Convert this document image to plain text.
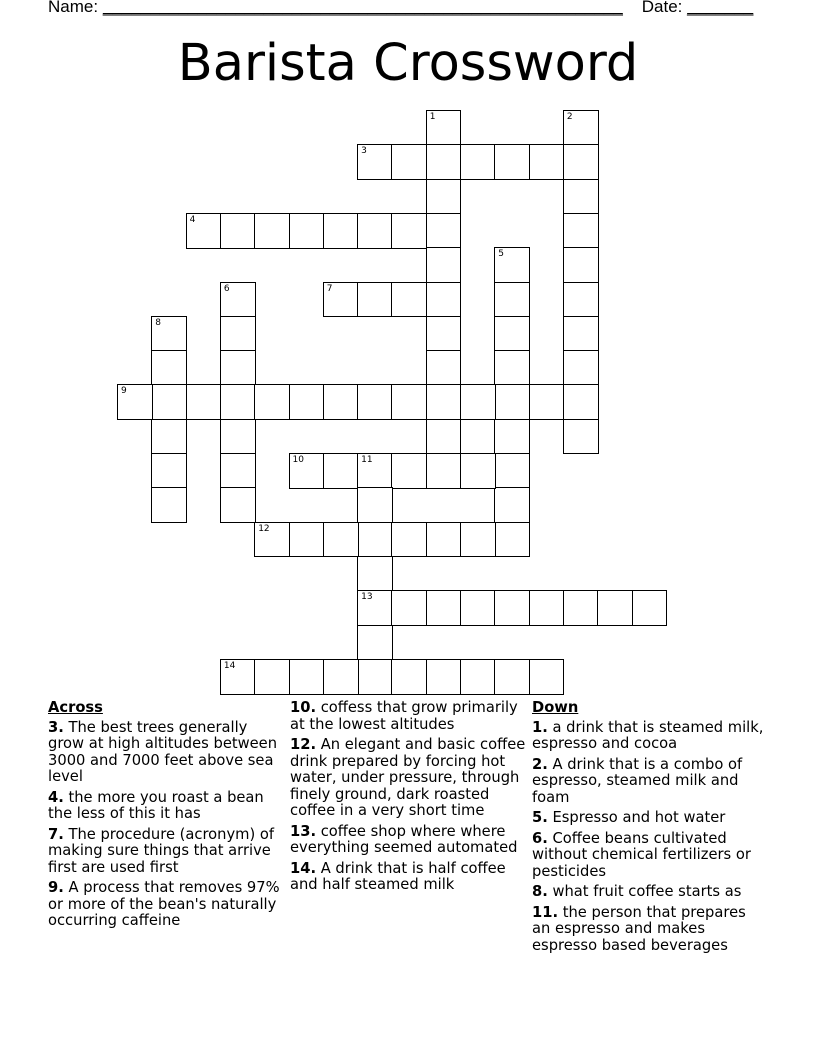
Name: _______________________________________________________ Date: _______
Barista Crossword
1	2
3
4
5
6	7
8
9
10	11
13
12
14
Across
3. The best trees generally grow at high altitudes between 3000 and 7000 feet above sea level
4. the more you roast a bean the less of this it has
7. The procedure (acronym) of making sure things that arrive first are used first
9. A process that removes 97% or more of the bean's naturally occurring caffeine
10. coffess that grow primarily at the lowest altitudes
12. An elegant and basic coffee drink prepared by forcing hot water, under pressure, through finely ground, dark roasted coffee in a very short time
13. coffee shop where where everything seemed automated
14. A drink that is half coffee and half steamed milk
Down
1. a drink that is steamed milk, espresso and cocoa
2. A drink that is a combo of espresso, steamed milk and foam
5. Espresso and hot water
6. Coffee beans cultivated without chemical fertilizers or pesticides
8. what fruit coffee starts as
11. the person that prepares an espresso and makes espresso based beverages
